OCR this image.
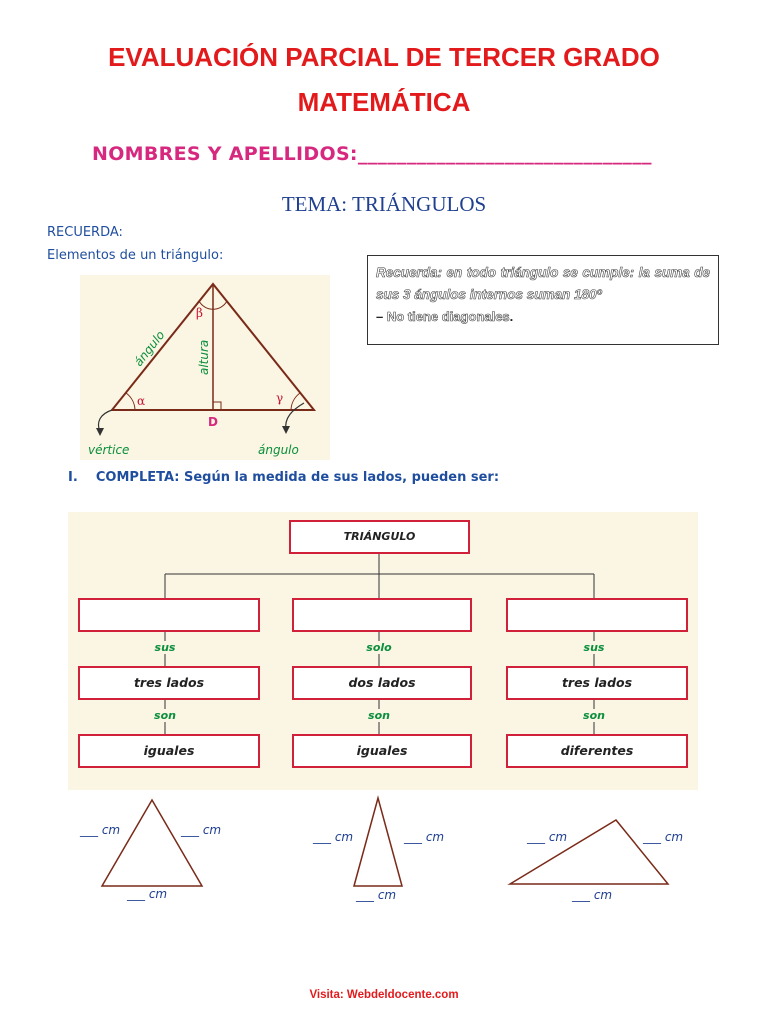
EVALUACIÓN PARCIAL DE TERCER GRADO
MATEMÁTICA
NOMBRES Y APELLIDOS:______________________________
TEMA: TRIÁNGULOS
RECUERDA:
Elementos de un triángulo:
Recuerda: en todo triángulo se cumple: la suma de sus 3 ángulos internos suman 180º
– No tiene diagonales.
β
α	γ
ángulo altura
D
vértice	ángulo
I. COMPLETA: Según la medida de sus lados, pueden ser:
TRIÁNGULO
sus
tres lados
son
iguales
solo
dos lados
son
iguales
sus
tres lados
son
diferentes
___ cm	___ cm
___ cm
___ cm	___ cm
___ cm
___ cm	___ cm
___ cm
Visita: Webdeldocente.com
